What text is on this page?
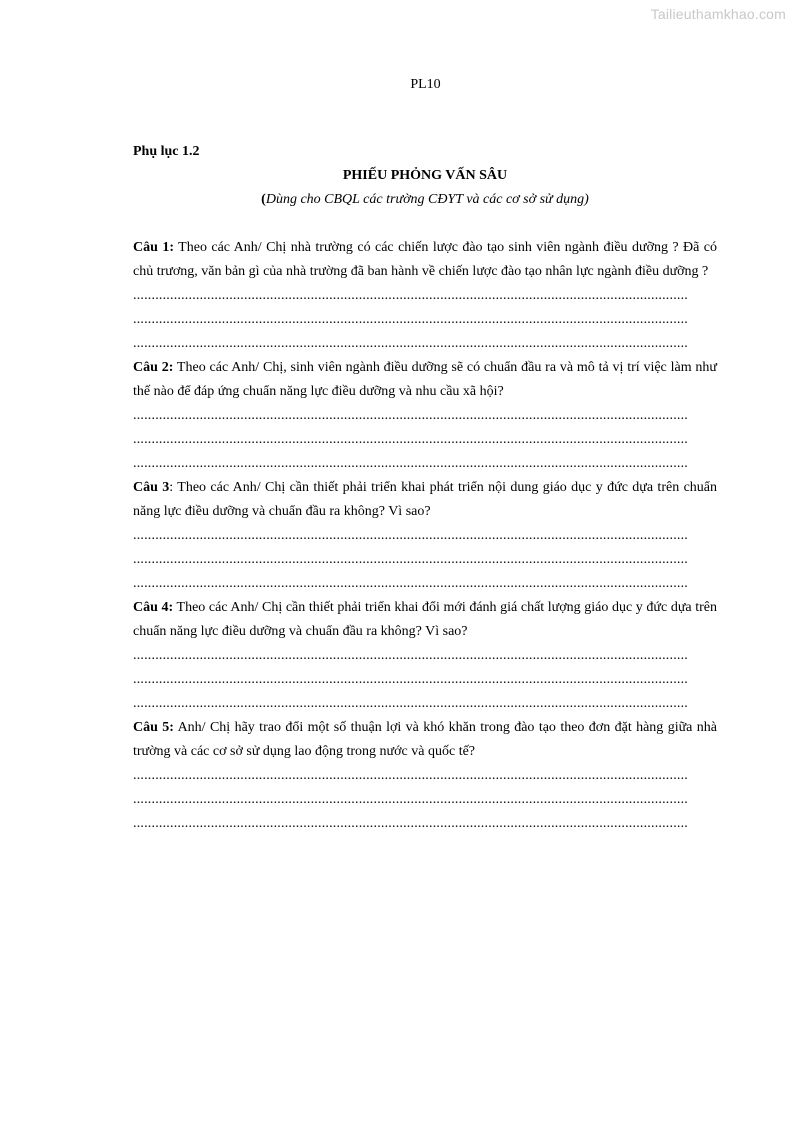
Tailieuthamkhao.com
PL10

Phụ lục 1.2

PHIẾU PHỎNG VẤN SÂU

(Dùng cho CBQL các trường CĐYT và các cơ sở sử dụng)

Câu 1: Theo các Anh/ Chị nhà trường có các chiến lược đào tạo sinh viên ngành điều dưỡng ? Đã có chủ trương, văn bản gì của nhà trường đã ban hành về chiến lược đào tạo nhân lực ngành điều dưỡng ?

......................................................................................................................................................

......................................................................................................................................................

......................................................................................................................................................

Câu 2: Theo các Anh/ Chị, sinh viên ngành điều dưỡng sẽ có chuẩn đầu ra và mô tả vị trí việc làm như thế nào để đáp ứng chuẩn năng lực điều dưỡng và nhu cầu xã hội?

......................................................................................................................................................

......................................................................................................................................................

......................................................................................................................................................

Câu 3: Theo các Anh/ Chị cần thiết phải triển khai phát triển nội dung giáo dục y đức dựa trên chuẩn năng lực điều dưỡng và chuẩn đầu ra không? Vì sao?

......................................................................................................................................................

......................................................................................................................................................

......................................................................................................................................................

Câu 4: Theo các Anh/ Chị cần thiết phải triển khai đổi mới đánh giá chất lượng giáo dục y đức dựa trên chuẩn năng lực điều dưỡng và chuẩn đầu ra không? Vì sao?

......................................................................................................................................................

......................................................................................................................................................

......................................................................................................................................................

Câu 5: Anh/ Chị hãy trao đổi một số thuận lợi và khó khăn trong đào tạo theo đơn đặt hàng giữa nhà trường và các cơ sở sử dụng lao động trong nước và quốc tế?

......................................................................................................................................................

......................................................................................................................................................

......................................................................................................................................................
